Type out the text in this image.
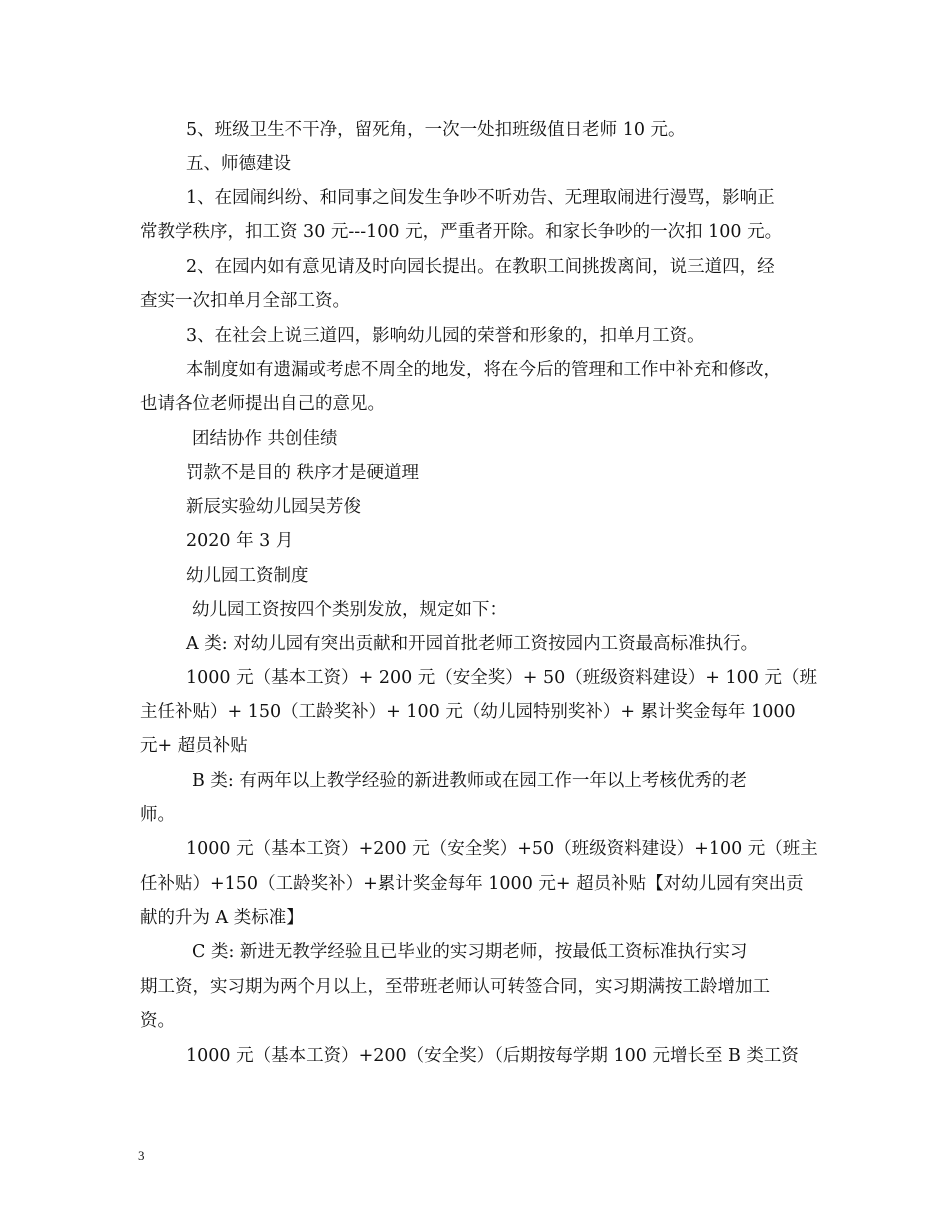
5、班级卫生不干净，留死角，一次一处扣班级值日老师 10 元。
五、师德建设
1、在园闹纠纷、和同事之间发生争吵不听劝告、无理取闹进行漫骂，影响正
常教学秩序，扣工资 30 元---100 元，严重者开除。和家长争吵的一次扣 100 元。
2、在园内如有意见请及时向园长提出。在教职工间挑拨离间，说三道四，经
查实一次扣单月全部工资。
3、在社会上说三道四，影响幼儿园的荣誉和形象的，扣单月工资。
本制度如有遗漏或考虑不周全的地发，将在今后的管理和工作中补充和修改，
也请各位老师提出自己的意见。
团结协作 共创佳绩
罚款不是目的 秩序才是硬道理
新辰实验幼儿园吴芳俊
2020 年 3 月
幼儿园工资制度
幼儿园工资按四个类别发放，规定如下：
A 类: 对幼儿园有突出贡献和开园首批老师工资按园内工资最高标准执行。
1000 元（基本工资）+ 200 元（安全奖）+ 50（班级资料建设）+ 100 元（班
主任补贴）+ 150（工龄奖补）+ 100 元（幼儿园特别奖补）+ 累计奖金每年 1000
元+ 超员补贴
B 类: 有两年以上教学经验的新进教师或在园工作一年以上考核优秀的老
师。
1000 元（基本工资）+200 元（安全奖）+50（班级资料建设）+100 元（班主
任补贴）+150（工龄奖补）+累计奖金每年 1000 元+ 超员补贴【对幼儿园有突出贡
献的升为 A 类标准】
C 类: 新进无教学经验且已毕业的实习期老师，按最低工资标准执行实习
期工资，实习期为两个月以上，至带班老师认可转签合同，实习期满按工龄增加工
资。
1000 元（基本工资）+200（安全奖）（后期按每学期 100 元增长至 B 类工资
3
